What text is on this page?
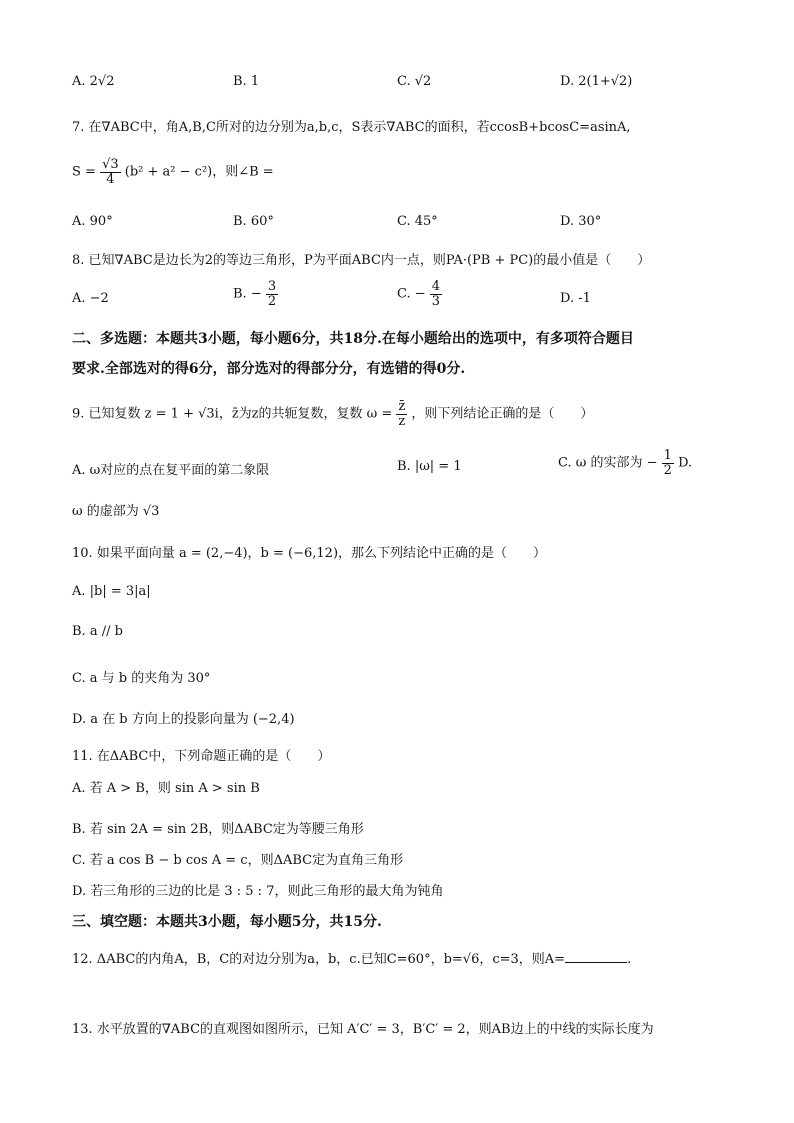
A. 2√2	B. 1	C. √2	D. 2(1+√2)
7. 在∇ABC中，角A,B,C所对的边分别为a,b,c，S表示∇ABC的面积，若ccosB+bcosC=asinA,
$S = \frac{√3}{4} (b^2 + a^2 - c^2)$，则∠B =
A. 90°	B. 60°	C. 45°	D. 30°
8. 已知∇ABC是边长为2的等边三角形，P为平面ABC内一点，则PA·(PB + PC)的最小值是（　　）
A. −2	B. − $\frac{3}{2}$	C. − $\frac{4}{3}$	D. -1
二、多选题：本题共3小题，每小题6分，共18分.在每小题给出的选项中，有多项符合题目
要求.全部选对的得6分，部分选对的得部分分，有选错的得0分.
9. 已知复数 z = 1 + √3i，z̄为z的共轭复数，复数 $\omega = \frac{z̄}{z}$ ，则下列结论正确的是（　　）
A. ω对应的点在复平面的第二象限	B. |ω| = 1	C. ω 的实部为 − $\frac{1}{2} D$.
ω 的虚部为 √3
10. 如果平面向量 a = (2,−4)，b = (−6,12)，那么下列结论中正确的是（　　）
A. |b| = 3|a|
B. a // b
C. a 与 b 的夹角为 30°
D. a 在 b 方向上的投影向量为 (−2,4)
11. 在ΔABC中，下列命题正确的是（　　）
A. 若 A > B，则 sin A > sin B
B. 若 sin 2A = sin 2B，则ΔABC定为等腰三角形
C. 若 a cos B − b cos A = c，则ΔABC定为直角三角形
D. 若三角形的三边的比是 3 : 5 : 7，则此三角形的最大角为钝角
三、填空题：本题共3小题，每小题5分，共15分.
12. ΔABC的内角A，B，C的对边分别为a，b，c.已知C=60°，b=√6，c=3，则A=	.
13. 水平放置的∇ABC的直观图如图所示，已知 A′C′ = 3，B′C′ = 2，则AB边上的中线的实际长度为
